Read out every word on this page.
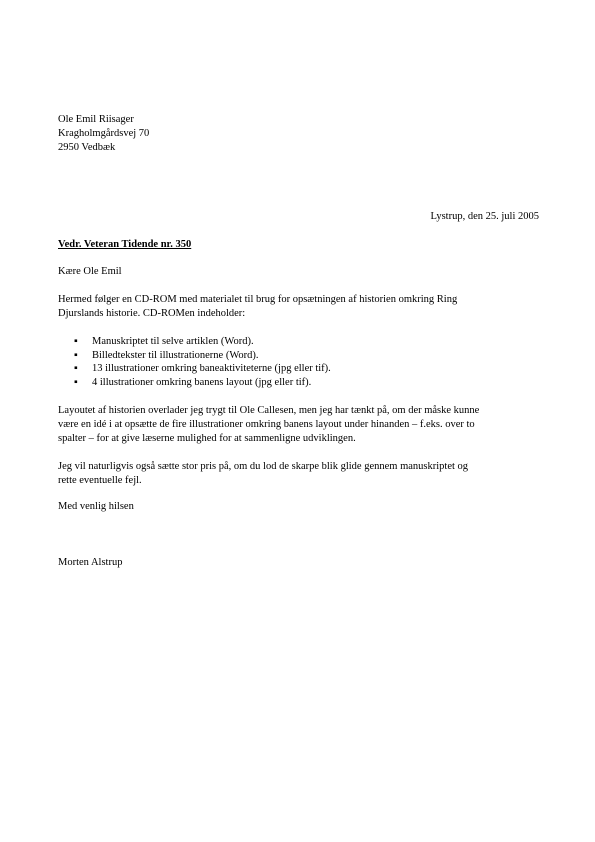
Ole Emil Riisager
Kragholmgårdsvej 70
2950 Vedbæk
Lystrup, den 25. juli 2005
Vedr. Veteran Tidende nr. 350
Kære Ole Emil
Hermed følger en CD-ROM med materialet til brug for opsætningen af historien omkring Ring
Djurslands historie. CD-ROMen indeholder:
▪ Manuskriptet til selve artiklen (Word).
▪ Billedtekster til illustrationerne (Word).
▪ 13 illustrationer omkring baneaktiviteterne (jpg eller tif).
▪ 4 illustrationer omkring banens layout (jpg eller tif).
Layoutet af historien overlader jeg trygt til Ole Callesen, men jeg har tænkt på, om der måske kunne
være en idé i at opsætte de fire illustrationer omkring banens layout under hinanden – f.eks. over to
spalter – for at give læserne mulighed for at sammenligne udviklingen.
Jeg vil naturligvis også sætte stor pris på, om du lod de skarpe blik glide gennem manuskriptet og
rette eventuelle fejl.
Med venlig hilsen
Morten Alstrup
